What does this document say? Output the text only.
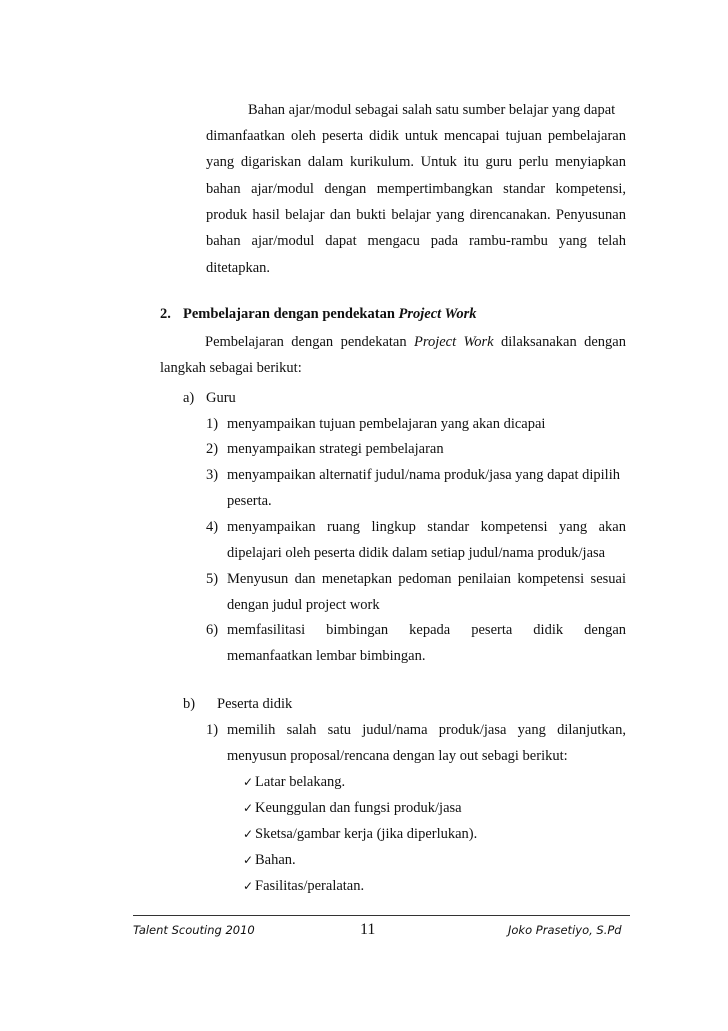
Bahan ajar/modul sebagai salah satu sumber belajar yang dapat
dimanfaatkan oleh peserta didik untuk mencapai tujuan pembelajaran
yang digariskan dalam kurikulum. Untuk itu guru perlu menyiapkan
bahan ajar/modul dengan mempertimbangkan standar kompetensi,
produk hasil belajar dan bukti belajar yang direncanakan. Penyusunan
bahan ajar/modul dapat mengacu pada rambu-rambu yang telah
ditetapkan.
2. Pembelajaran dengan pendekatan Project Work
Pembelajaran dengan pendekatan Project Work dilaksanakan dengan
langkah sebagai berikut:
a) Guru
1) menyampaikan tujuan pembelajaran yang akan dicapai
2) menyampaikan strategi pembelajaran
3) menyampaikan alternatif judul/nama produk/jasa yang dapat dipilih
peserta.
4) menyampaikan ruang lingkup standar kompetensi yang akan
dipelajari oleh peserta didik dalam setiap judul/nama produk/jasa
5) Menyusun dan menetapkan pedoman penilaian kompetensi sesuai
dengan judul project work
6) memfasilitasi bimbingan kepada peserta didik dengan
memanfaatkan lembar bimbingan.
b) Peserta didik
1) memilih salah satu judul/nama produk/jasa yang dilanjutkan,
menyusun proposal/rencana dengan lay out sebagi berikut:
✓ Latar belakang.
✓ Keunggulan dan fungsi produk/jasa
✓ Sketsa/gambar kerja (jika diperlukan).
✓ Bahan.
✓ Fasilitas/peralatan.
Talent Scouting 2010	11	Joko Prasetiyo, S.Pd
